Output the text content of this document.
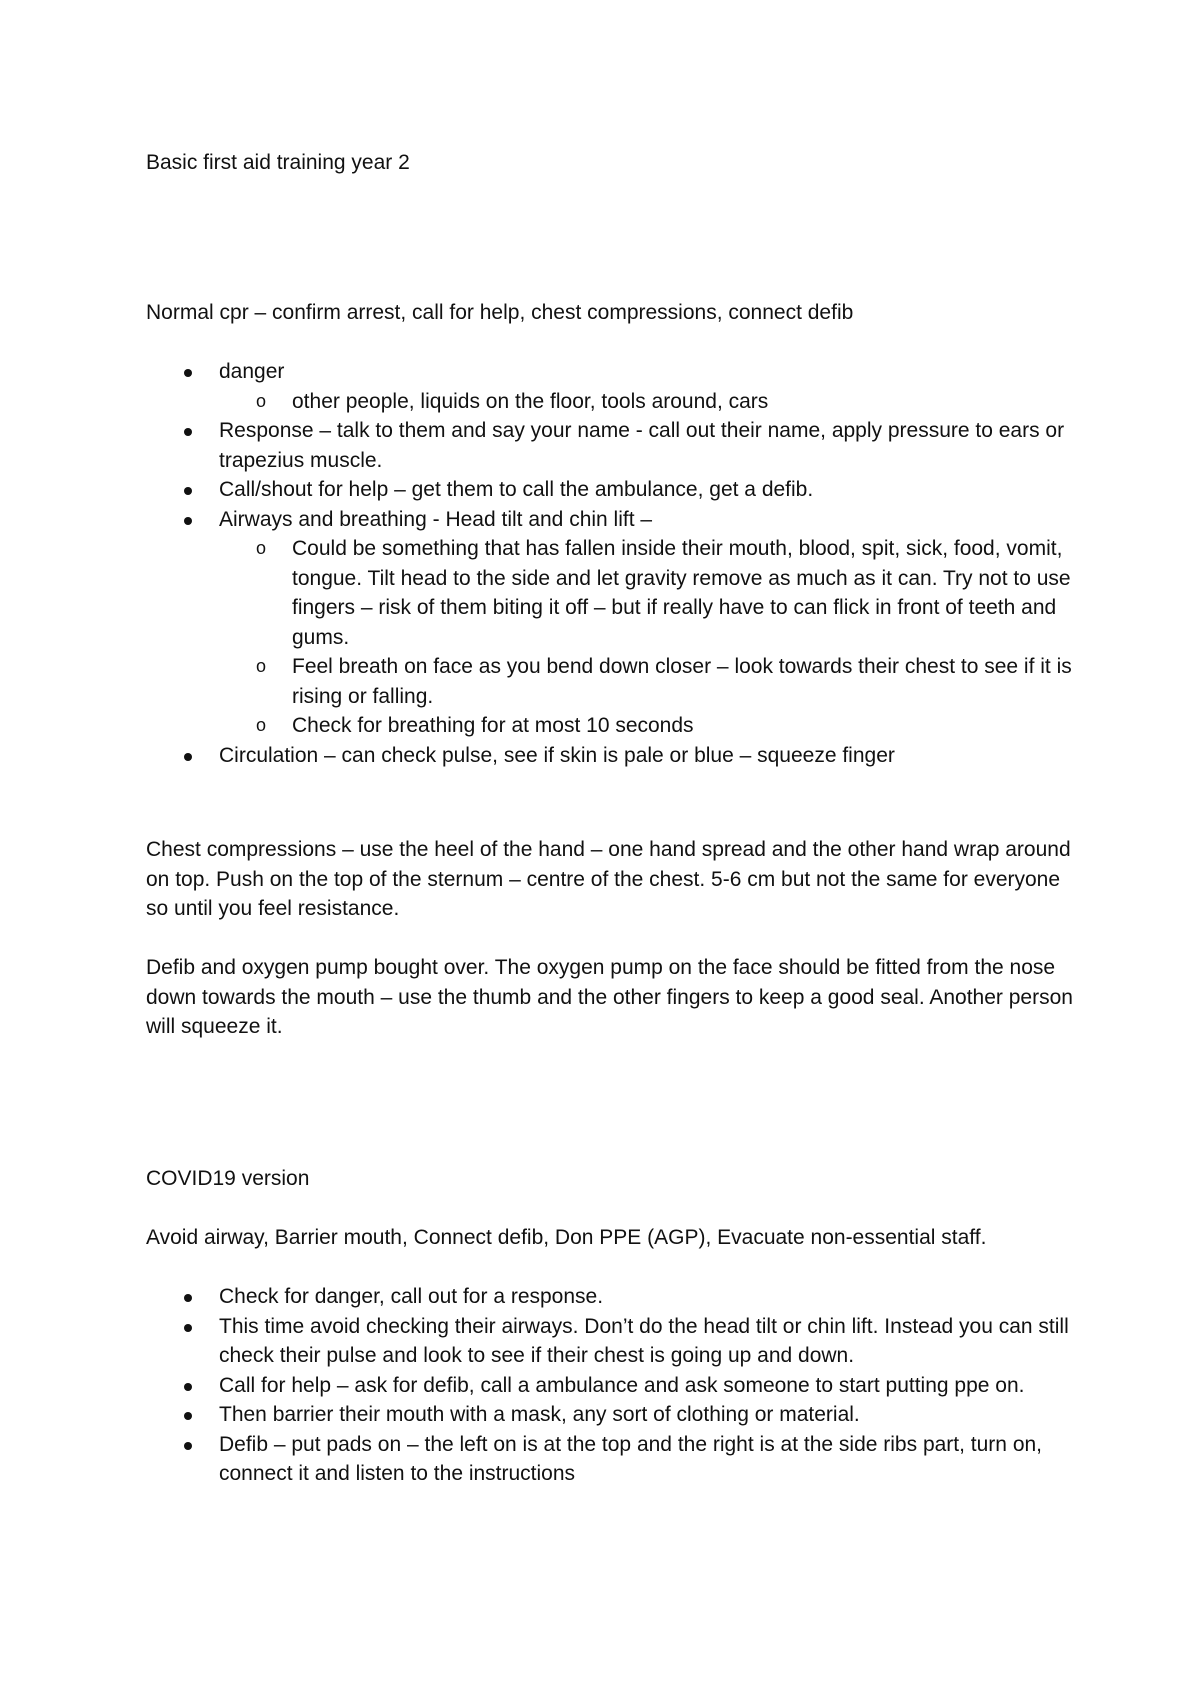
Basic first aid training year 2

Normal cpr – confirm arrest, call for help, chest compressions, connect defib

danger
o other people, liquids on the floor, tools around, cars
Response – talk to them and say your name - call out their name, apply pressure to ears or trapezius muscle.
Call/shout for help – get them to call the ambulance, get a defib.
Airways and breathing - Head tilt and chin lift –
o Could be something that has fallen inside their mouth, blood, spit, sick, food, vomit, tongue. Tilt head to the side and let gravity remove as much as it can. Try not to use fingers – risk of them biting it off – but if really have to can flick in front of teeth and gums.
o Feel breath on face as you bend down closer – look towards their chest to see if it is rising or falling.
o Check for breathing for at most 10 seconds
Circulation – can check pulse, see if skin is pale or blue – squeeze finger

Chest compressions – use the heel of the hand – one hand spread and the other hand wrap around on top. Push on the top of the sternum – centre of the chest. 5-6 cm but not the same for everyone so until you feel resistance.

Defib and oxygen pump bought over. The oxygen pump on the face should be fitted from the nose down towards the mouth – use the thumb and the other fingers to keep a good seal. Another person will squeeze it.

COVID19 version

Avoid airway, Barrier mouth, Connect defib, Don PPE (AGP), Evacuate non-essential staff.

Check for danger, call out for a response.
This time avoid checking their airways. Don’t do the head tilt or chin lift. Instead you can still check their pulse and look to see if their chest is going up and down.
Call for help – ask for defib, call a ambulance and ask someone to start putting ppe on.
Then barrier their mouth with a mask, any sort of clothing or material.
Defib – put pads on – the left on is at the top and the right is at the side ribs part, turn on, connect it and listen to the instructions
